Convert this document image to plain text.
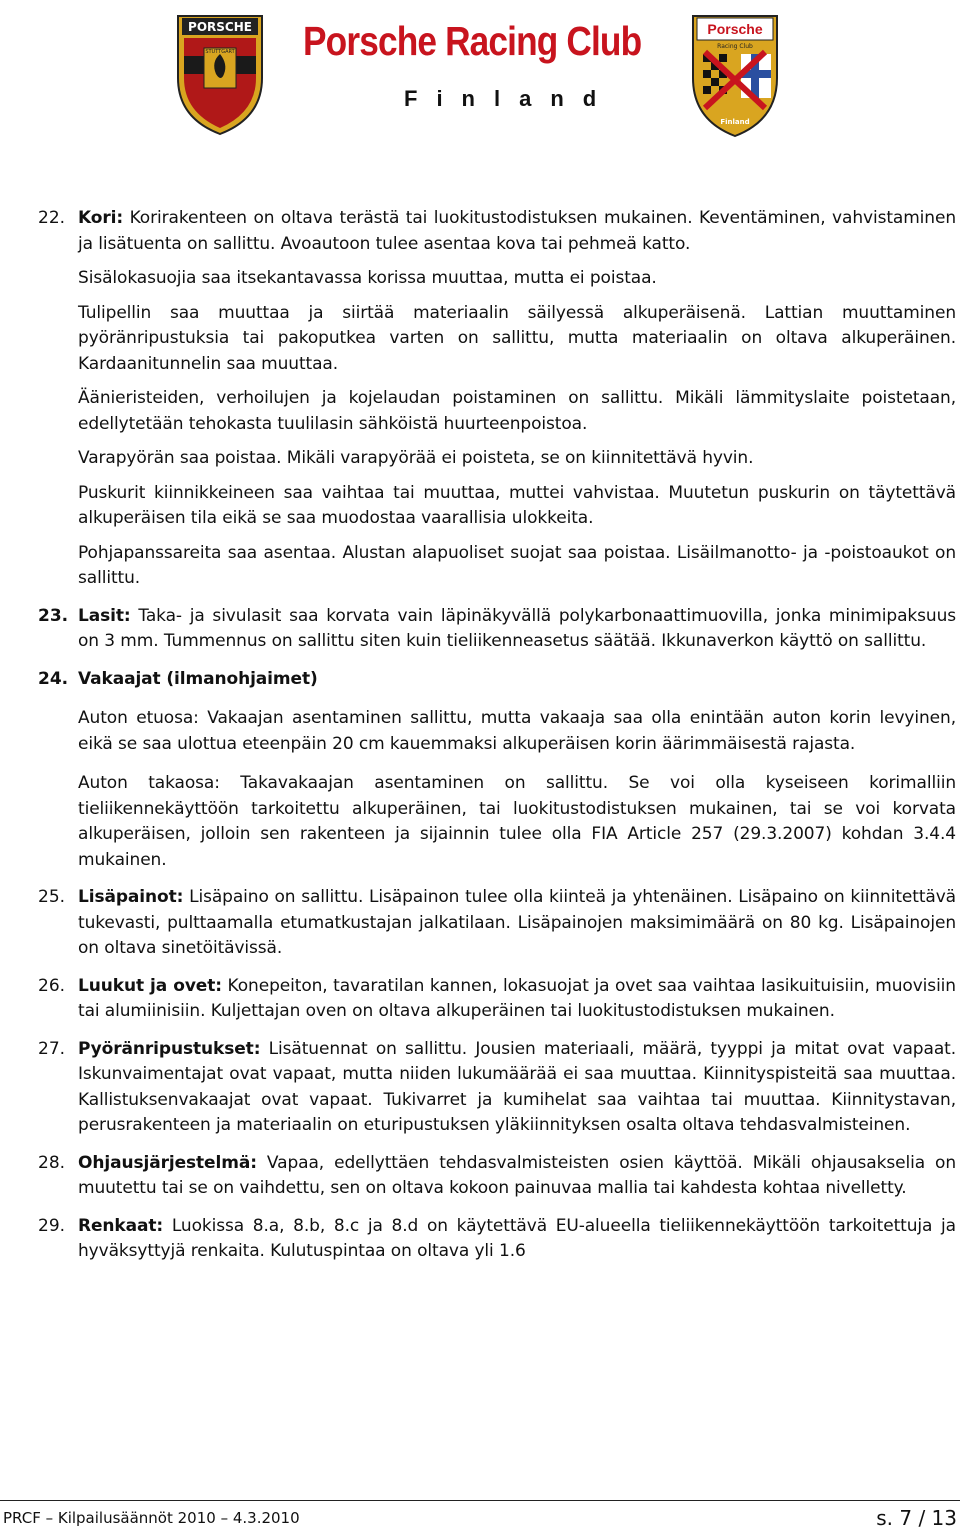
PORSCHE
STUTTGART Porsche Racing Club
Finland
Porsche
Racing Club
Finland
22. Kori: Korirakenteen on oltava terästä tai luokitustodistuksen mukainen. Keventäminen, vahvistaminen ja lisätuenta on sallittu. Avoautoon tulee asentaa kova tai pehmeä katto.

Sisälokasuojia saa itsekantavassa korissa muuttaa, mutta ei poistaa.

Tulipellin saa muuttaa ja siirtää materiaalin säilyessä alkuperäisenä. Lattian muuttaminen pyöränripustuksia tai pakoputkea varten on sallittu, mutta materiaalin on oltava alkuperäinen. Kardaanitunnelin saa muuttaa.

Äänieristeiden, verhoilujen ja kojelaudan poistaminen on sallittu. Mikäli lämmityslaite poistetaan, edellytetään tehokasta tuulilasin sähköistä huurteenpoistoa.

Varapyörän saa poistaa. Mikäli varapyörää ei poisteta, se on kiinnitettävä hyvin.

Puskurit kiinnikkeineen saa vaihtaa tai muuttaa, muttei vahvistaa. Muutetun puskurin on täytettävä alkuperäisen tila eikä se saa muodostaa vaarallisia ulokkeita.

Pohjapanssareita saa asentaa. Alustan alapuoliset suojat saa poistaa. Lisäilmanotto- ja -poistoaukot on sallittu.

23. Lasit: Taka- ja sivulasit saa korvata vain läpinäkyvällä polykarbonaattimuovilla, jonka minimipaksuus on 3 mm. Tummennus on sallittu siten kuin tieliikenneasetus säätää. Ikkunaverkon käyttö on sallittu.

24. Vakaajat (ilmanohjaimet)

Auton etuosa: Vakaajan asentaminen sallittu, mutta vakaaja saa olla enintään auton korin levyinen, eikä se saa ulottua eteenpäin 20 cm kauemmaksi alkuperäisen korin äärimmäisestä rajasta.

Auton takaosa: Takavakaajan asentaminen on sallittu. Se voi olla kyseiseen korimalliin tieliikennekäyttöön tarkoitettu alkuperäinen, tai luokitustodistuksen mukainen, tai se voi korvata alkuperäisen, jolloin sen rakenteen ja sijainnin tulee olla FIA Article 257 (29.3.2007) kohdan 3.4.4 mukainen.

25. Lisäpainot: Lisäpaino on sallittu. Lisäpainon tulee olla kiinteä ja yhtenäinen. Lisäpaino on kiinnitettävä tukevasti, pulttaamalla etumatkustajan jalkatilaan. Lisäpainojen maksimimäärä on 80 kg. Lisäpainojen on oltava sinetöitävissä.

26. Luukut ja ovet: Konepeiton, tavaratilan kannen, lokasuojat ja ovet saa vaihtaa lasikuituisiin, muovisiin tai alumiinisiin. Kuljettajan oven on oltava alkuperäinen tai luokitustodistuksen mukainen.

27. Pyöränripustukset: Lisätuennat on sallittu. Jousien materiaali, määrä, tyyppi ja mitat ovat vapaat. Iskunvaimentajat ovat vapaat, mutta niiden lukumäärää ei saa muuttaa. Kiinnityspisteitä saa muuttaa. Kallistuksenvakaajat ovat vapaat. Tukivarret ja kumihelat saa vaihtaa tai muuttaa. Kiinnitystavan, perusrakenteen ja materiaalin on eturipustuksen yläkiinnityksen osalta oltava tehdasvalmisteinen.

28. Ohjausjärjestelmä: Vapaa, edellyttäen tehdasvalmisteisten osien käyttöä. Mikäli ohjausakselia on muutettu tai se on vaihdettu, sen on oltava kokoon painuvaa mallia tai kahdesta kohtaa nivelletty.

29. Renkaat: Luokissa 8.a, 8.b, 8.c ja 8.d on käytettävä EU-alueella tieliikennekäyttöön tarkoitettuja ja hyväksyttyjä renkaita. Kulutuspintaa on oltava yli 1.6

PRCF – Kilpailusäännöt 2010 – 4.3.2010	s. 7 / 13
